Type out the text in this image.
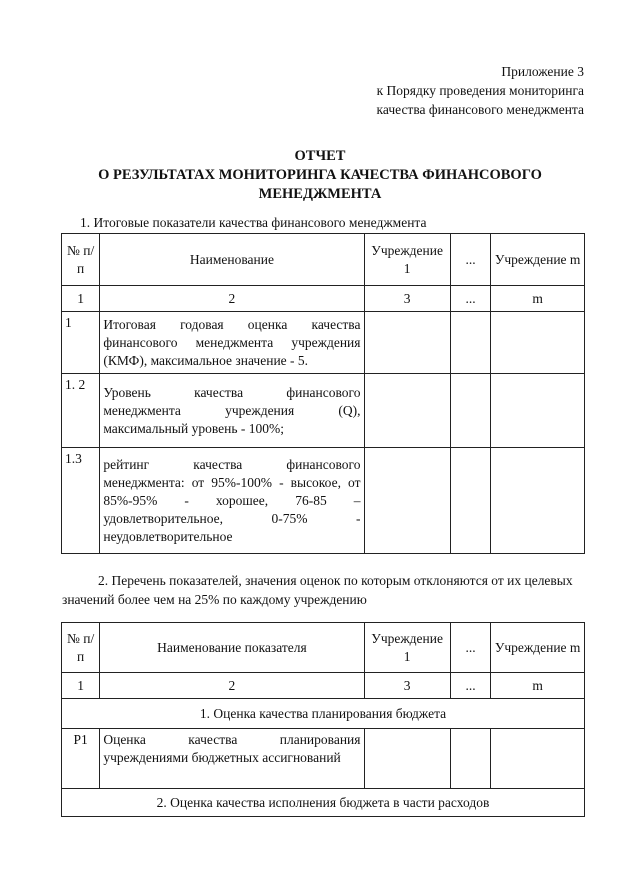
Приложение 3
к Порядку проведения мониторинга
качества финансового менеджмента
ОТЧЕТ
О РЕЗУЛЬТАТАХ МОНИТОРИНГА КАЧЕСТВА ФИНАНСОВОГО
МЕНЕДЖМЕНТА
1. Итоговые показатели качества финансового менеджмента
№ п/п	Наименование	Учреждение 1	...	Учреждение m
1	2	3	...	m
1	Итоговая годовая оценка качества финансового менеджмента учреждения (КМФ), максимальное значение - 5.			
1. 2	Уровень качества финансового менеджмента учреждения (Q), максимальный уровень - 100%;			
1.3	рейтинг качества финансового менеджмента: от 95%-100% - высокое, от 85%-95% - хорошее, 76-85 – удовлетворительное, 0-75% - неудовлетворительное			
2. Перечень показателей, значения оценок по которым отклоняются от их целевых значений более чем на 25% по каждому учреждению
№ п/п	Наименование показателя	Учреждение 1	...	Учреждение m
1	2	3	...	m
1. Оценка качества планирования бюджета				
Р1	Оценка качества планирования учреждениями бюджетных ассигнований			
2. Оценка качества исполнения бюджета в части расходов				
